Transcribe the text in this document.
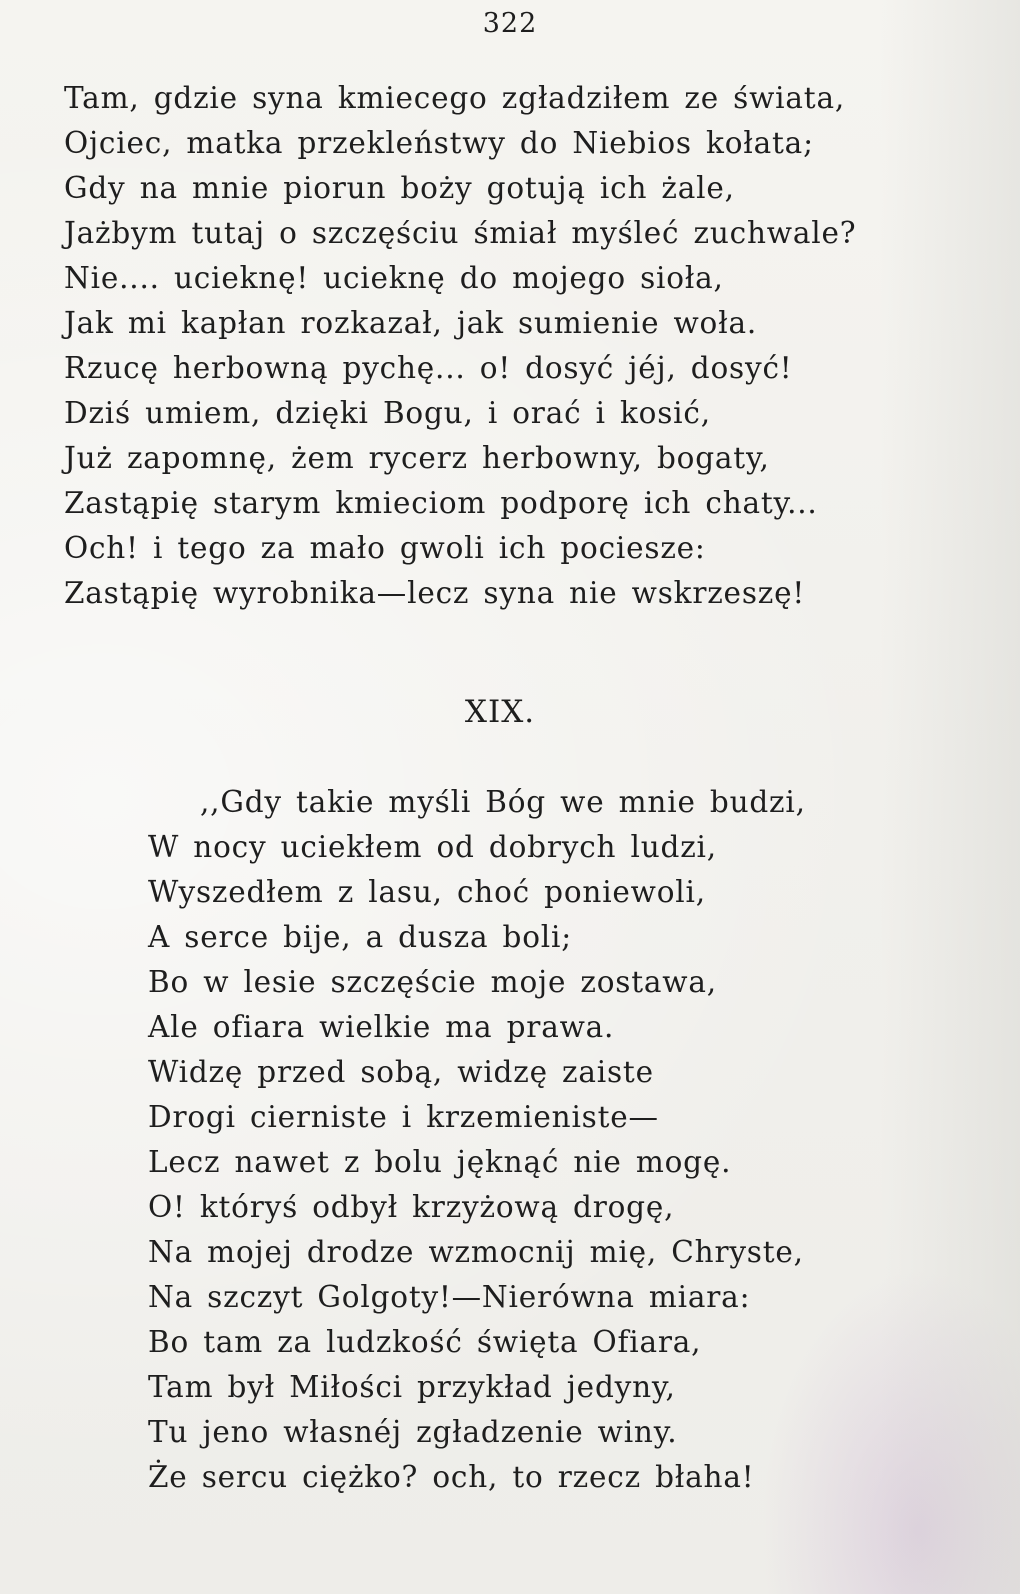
322
Tam, gdzie syna kmiecego zgładziłem ze świata,
Ojciec, matka przekleństwy do Niebios kołata;
Gdy na mnie piorun boży gotują ich żale,
Jażbym tutaj o szczęściu śmiał myśleć zuchwale?
Nie.... ucieknę! ucieknę do mojego sioła,
Jak mi kapłan rozkazał, jak sumienie woła.
Rzucę herbowną pychę... o! dosyć jéj, dosyć!
Dziś umiem, dzięki Bogu, i orać i kosić,
Już zapomnę, żem rycerz herbowny, bogaty,
Zastąpię starym kmieciom podporę ich chaty...
Och! i tego za mało gwoli ich pociesze:
Zastąpię wyrobnika—lecz syna nie wskrzeszę!
XIX.
,,Gdy takie myśli Bóg we mnie budzi,
W nocy uciekłem od dobrych ludzi,
Wyszedłem z lasu, choć poniewoli,
A serce bije, a dusza boli;
Bo w lesie szczęście moje zostawa,
Ale ofiara wielkie ma prawa.
Widzę przed sobą, widzę zaiste
Drogi cierniste i krzemieniste—
Lecz nawet z bolu jęknąć nie mogę.
O! któryś odbył krzyżową drogę,
Na mojej drodze wzmocnij mię, Chryste,
Na szczyt Golgoty!—Nierówna miara:
Bo tam za ludzkość święta Ofiara,
Tam był Miłości przykład jedyny,
Tu jeno własnéj zgładzenie winy.
Że sercu ciężko? och, to rzecz błaha!
